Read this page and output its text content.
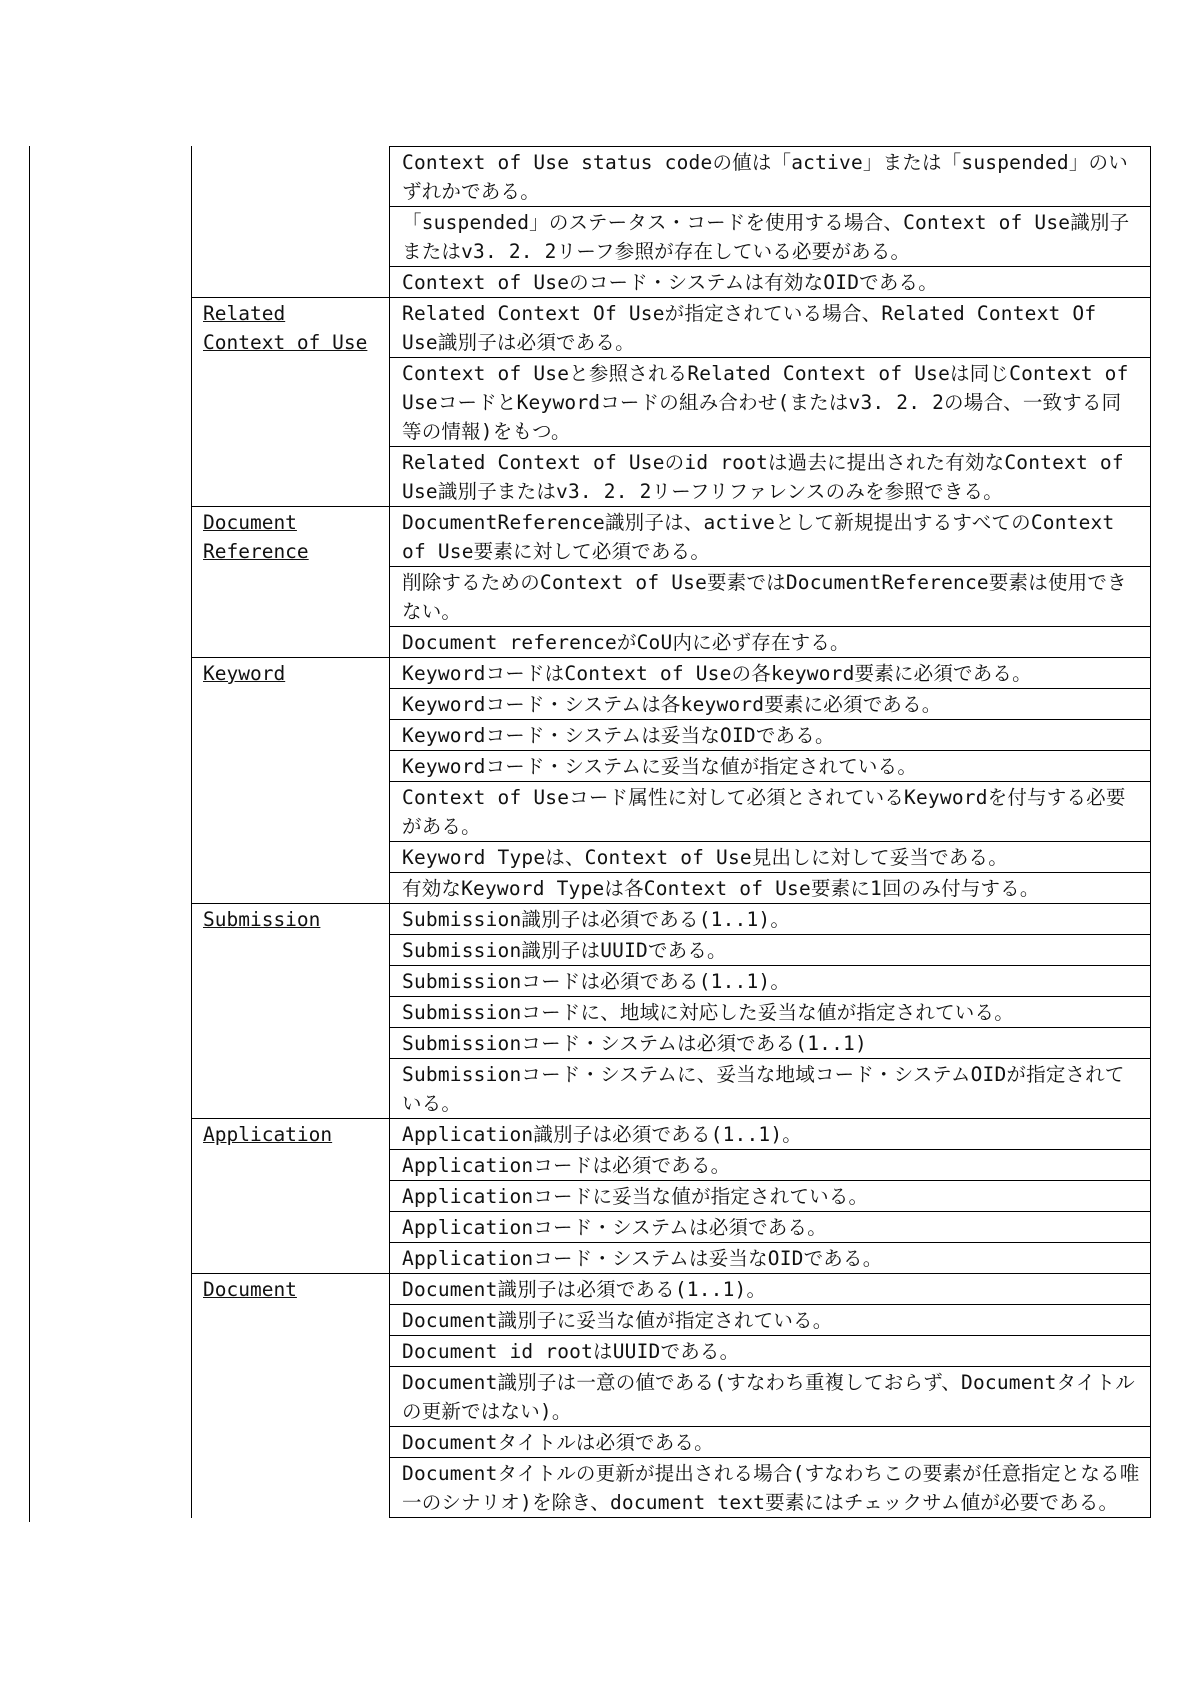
	Context of Use status codeの値は「active」または「suspended」のいずれかである。
	「suspended」のステータス・コードを使用する場合、Context of Use識別子またはv3. 2. 2リーフ参照が存在している必要がある。
	Context of Useのコード・システムは有効なOIDである。

Related
Context of Use	Related Context Of Useが指定されている場合、Related Context Of Use識別子は必須である。
	Context of Useと参照されるRelated Context of Useは同じContext of UseコードとKeywordコードの組み合わせ(またはv3. 2. 2の場合、一致する同等の情報)をもつ。
	Related Context of Useのid rootは過去に提出された有効なContext of Use識別子またはv3. 2. 2リーフリファレンスのみを参照できる。

Document
Reference	DocumentReference識別子は、activeとして新規提出するすべてのContext of Use要素に対して必須である。
	削除するためのContext of Use要素ではDocumentReference要素は使用できない。
	Document referenceがCoU内に必ず存在する。

Keyword	KeywordコードはContext of Useの各keyword要素に必須である。
	Keywordコード・システムは各keyword要素に必須である。
	Keywordコード・システムは妥当なOIDである。
	Keywordコード・システムに妥当な値が指定されている。
	Context of Useコード属性に対して必須とされているKeywordを付与する必要がある。
	Keyword Typeは、Context of Use見出しに対して妥当である。
	有効なKeyword Typeは各Context of Use要素に1回のみ付与する。

Submission	Submission識別子は必須である(1..1)。
	Submission識別子はUUIDである。
	Submissionコードは必須である(1..1)。
	Submissionコードに、地域に対応した妥当な値が指定されている。
	Submissionコード・システムは必須である(1..1)
	Submissionコード・システムに、妥当な地域コード・システムOIDが指定されている。

Application	Application識別子は必須である(1..1)。
	Applicationコードは必須である。
	Applicationコードに妥当な値が指定されている。
	Applicationコード・システムは必須である。
	Applicationコード・システムは妥当なOIDである。

Document	Document識別子は必須である(1..1)。
	Document識別子に妥当な値が指定されている。
	Document id rootはUUIDである。
	Document識別子は一意の値である(すなわち重複しておらず、Documentタイトルの更新ではない)。
	Documentタイトルは必須である。
	Documentタイトルの更新が提出される場合(すなわちこの要素が任意指定となる唯一のシナリオ)を除き、document text要素にはチェックサム値が必要である。
